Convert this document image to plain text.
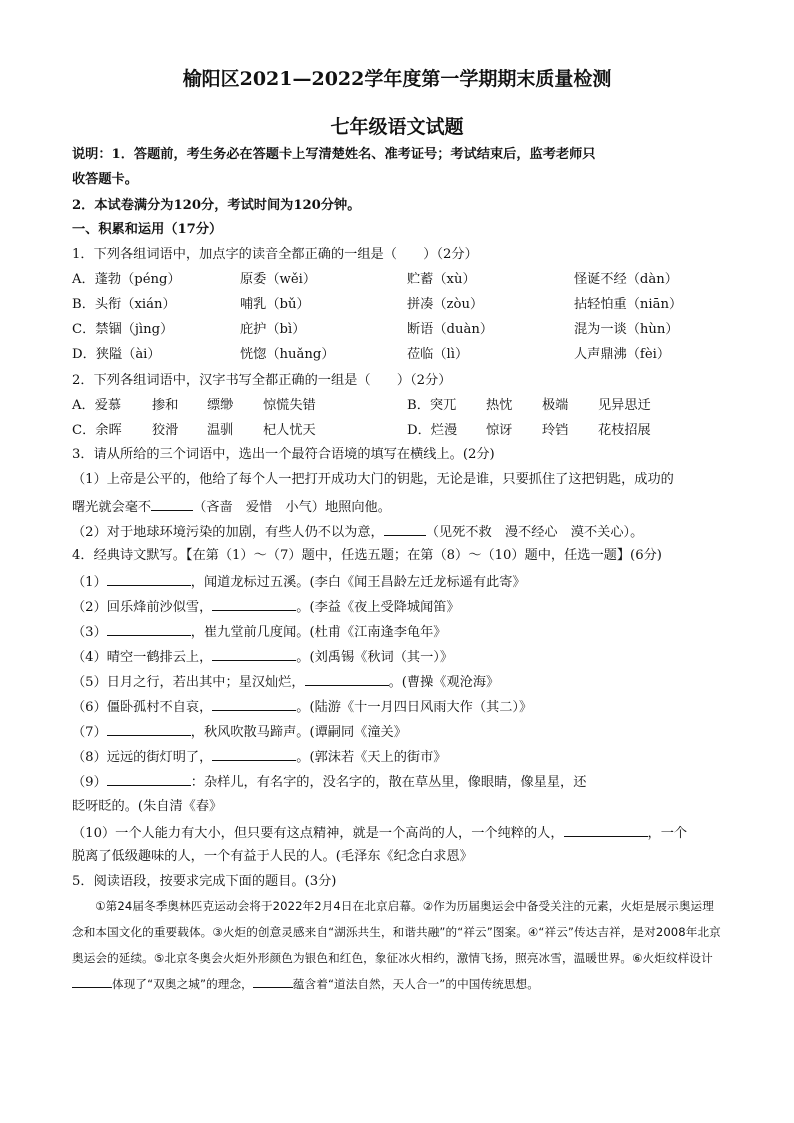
榆阳区2021—2022学年度第一学期期末质量检测
七年级语文试题
说明：1．答题前，考生务必在答题卡上写清楚姓名、准考证号；考试结束后，监考老师只
收答题卡。
2．本试卷满分为120分，考试时间为120分钟。
一、积累和运用（17分）
1．下列各组词语中，加点字的读音全都正确的一组是（　　）（2分）
A．蓬勃（péng）	原委（wěi）	贮蓄（xù）	怪诞不经（dàn）
B．头衔（xián）	哺乳（bǔ）	拼凑（zòu）	拈轻怕重（niān）
C．禁锢（jìng）	庇护（bì）	断语（duàn）	混为一谈（hùn）
D．狭隘（ài）	恍惚（huǎng）	莅临（lì）	人声鼎沸（fèi）
2．下列各组词语中，汉字书写全都正确的一组是（　　）（2分）
A．爱慕 掺和 缥缈 惊慌失错	B．突兀 热忱 极端 见异思迁
C．余晖 狡滑 温驯 杞人忧天	D．烂漫 惊讶 玲铛 花枝招展
3．请从所给的三个词语中，选出一个最符合语境的填写在横线上。(2分)
（1）上帝是公平的，他给了每个人一把打开成功大门的钥匙，无论是谁，只要抓住了这把钥匙，成功的
曙光就会毫不	（吝啬　爱惜　小气）地照向他。
（2）对于地球环境污染的加剧，有些人仍不以为意，	（见死不救　漫不经心　漠不关心）。
4．经典诗文默写。【在第（1）～（7）题中，任选五题；在第（8）～（10）题中，任选一题】(6分)
（1）	，闻道龙标过五溪。(李白《闻王昌龄左迁龙标遥有此寄》
（2）回乐烽前沙似雪，	。(李益《夜上受降城闻笛》
（3）	，崔九堂前几度闻。(杜甫《江南逢李龟年》
（4）晴空一鹤排云上，	。(刘禹锡《秋词（其一）》
（5）日月之行，若出其中；星汉灿烂，	。(曹操《观沧海》
（6）僵卧孤村不自哀，	。(陆游《十一月四日风雨大作（其二）》
（7）	，秋风吹散马蹄声。(谭嗣同《潼关》
（8）远远的街灯明了，	。(郭沫若《天上的街市》
（9）	：杂样儿，有名字的，没名字的，散在草丛里，像眼睛，像星星，还
眨呀眨的。(朱自清《春》
（10）一个人能力有大小，但只要有这点精神，就是一个高尚的人，一个纯粹的人，	，一个
脱离了低级趣味的人，一个有益于人民的人。(毛泽东《纪念白求恩》
5．阅读语段，按要求完成下面的题目。(3分)
①第24届冬季奥林匹克运动会将于2022年2月4日在北京启幕。②作为历届奥运会中备受关注的元素，火炬是展示奥运理念和本国文化的重要载体。③火炬的创意灵感来自“湖泺共生，和谐共融”的“祥云”图案。④“祥云”传达吉祥，是对2008年北京奥运会的延续。⑤北京冬奥会火炬外形颜色为银色和红色，象征冰火相约，激情飞扬，照亮冰雪，温暖世界。⑥火炬纹样设计体现了“双奥之城”的理念，	蕴含着“道法自然，天人合一”的中国传统思想。
